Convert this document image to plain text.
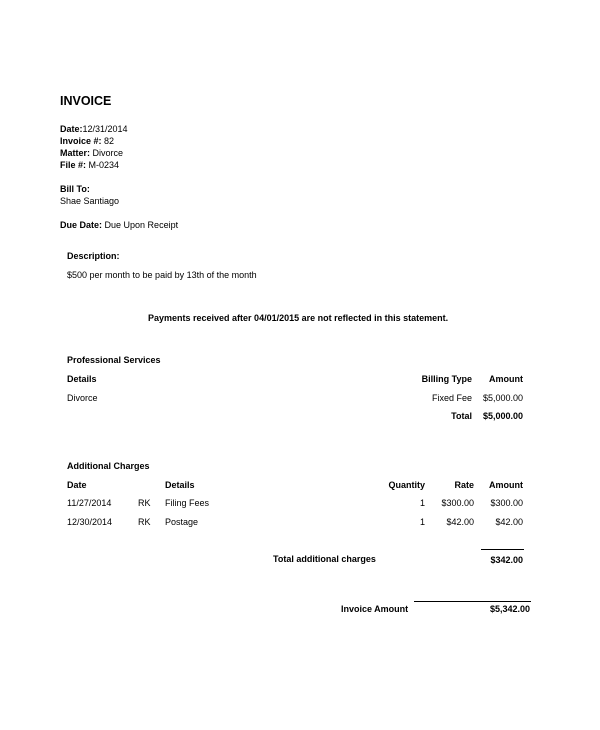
INVOICE
Date:12/31/2014
Invoice #: 82
Matter: Divorce
File #: M-0234
Bill To:
Shae Santiago
Due Date: Due Upon Receipt
Description:
$500 per month to be paid by 13th of the month
Payments received after 04/01/2015 are not reflected in this statement.
Professional Services
Details	Billing Type Amount
Divorce	Fixed Fee $5,000.00
Total $5,000.00
Additional Charges
Date	Details	Quantity	Rate Amount
11/27/2014	RK Filing Fees	1 $300.00 $300.00
12/30/2014	RK Postage	1 $42.00 $42.00
Total additional charges	$342.00
Invoice Amount	$5,342.00
